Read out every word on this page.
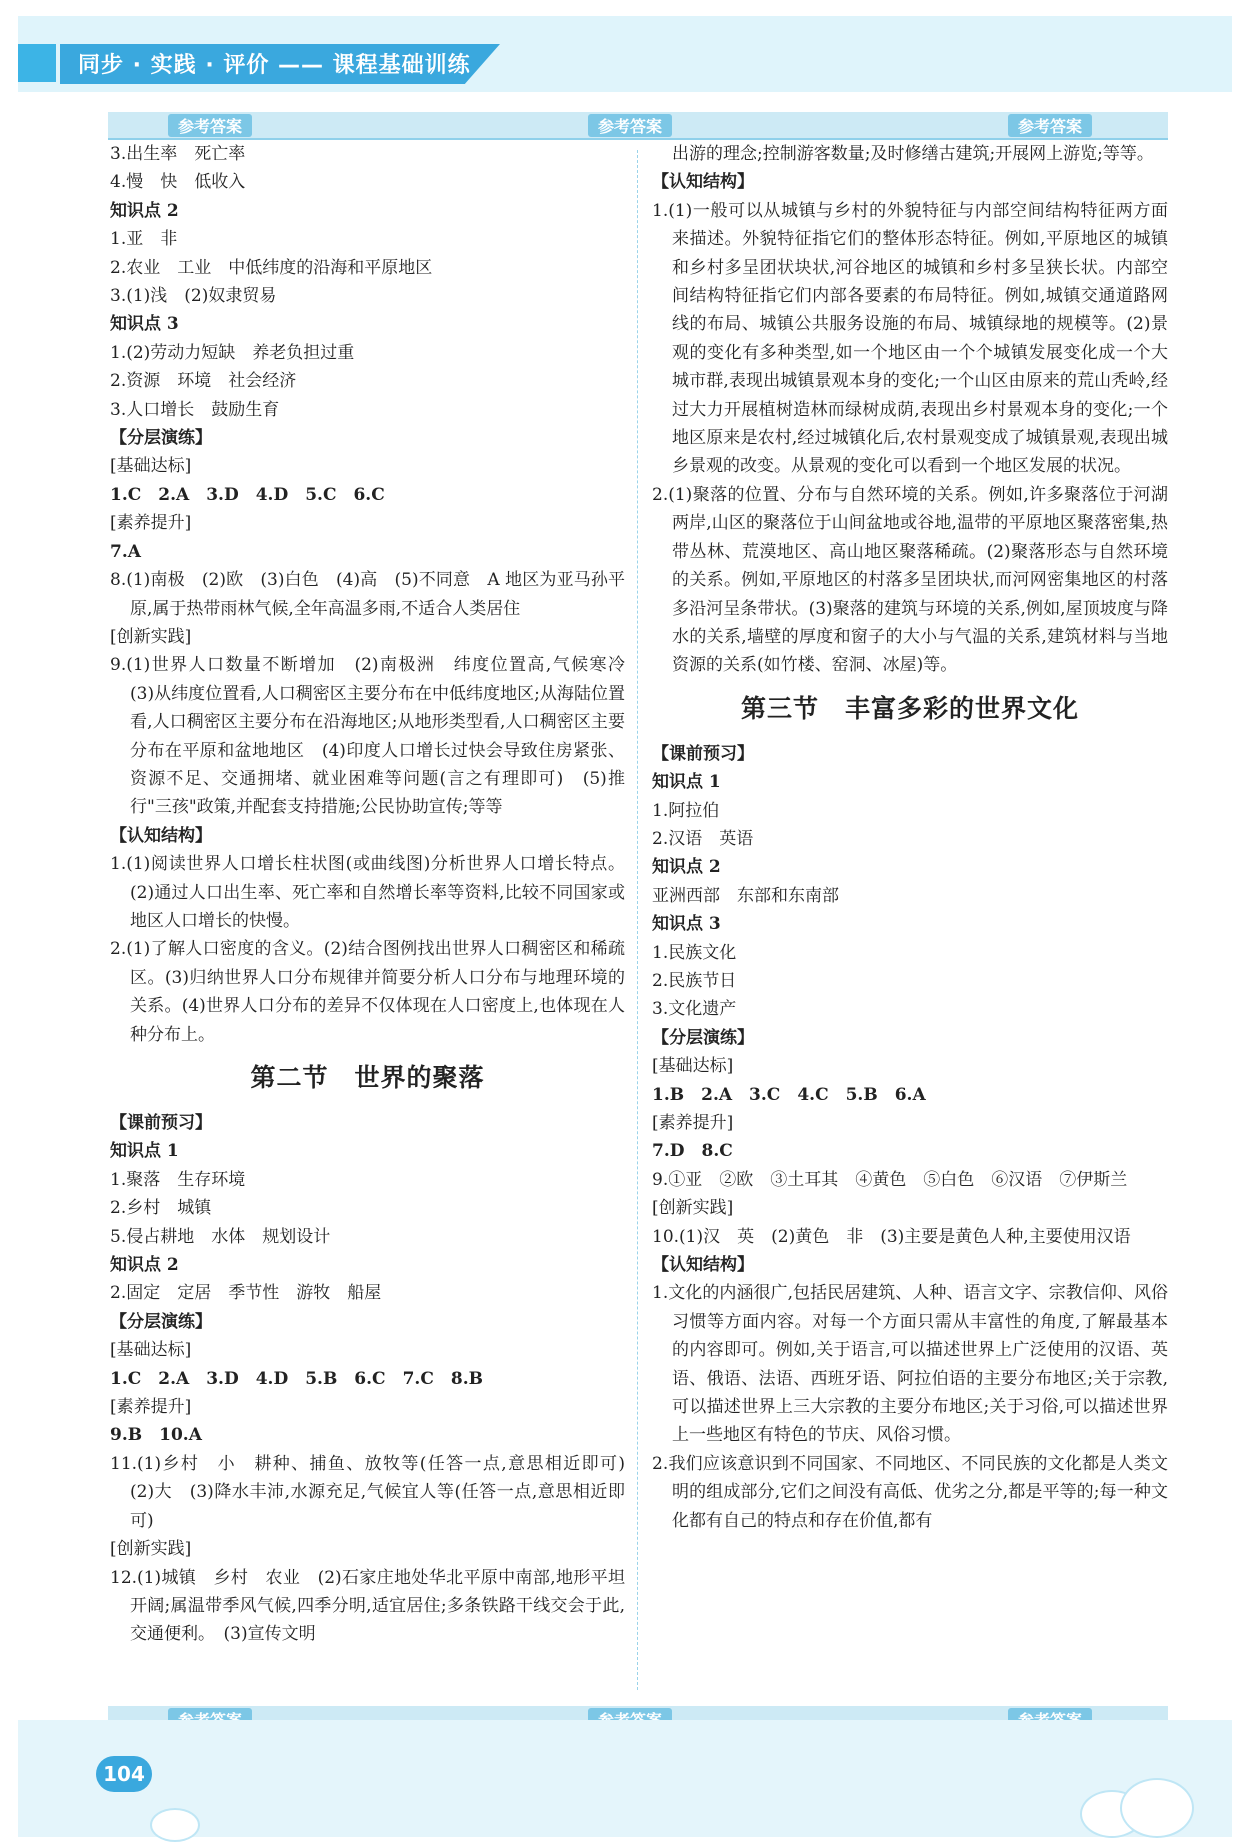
同步 · 实践 · 评价 —— 课程基础训练
参考答案	参考答案	参考答案
3.出生率　死亡率
4.慢　快　低收入
知识点 2
1.亚　非
2.农业　工业　中低纬度的沿海和平原地区
3.(1)浅　(2)奴隶贸易
知识点 3
1.(2)劳动力短缺　养老负担过重
2.资源　环境　社会经济
3.人口增长　鼓励生育
【分层演练】
[基础达标]
1.C　2.A　3.D　4.D　5.C　6.C
[素养提升]
7.A
8.(1)南极　(2)欧　(3)白色　(4)高　(5)不同意　A 地区为亚马孙平原,属于热带雨林气候,全年高温多雨,不适合人类居住
[创新实践]
9.(1)世界人口数量不断增加　(2)南极洲　纬度位置高,气候寒冷　(3)从纬度位置看,人口稠密区主要分布在中低纬度地区;从海陆位置看,人口稠密区主要分布在沿海地区;从地形类型看,人口稠密区主要分布在平原和盆地地区　(4)印度人口增长过快会导致住房紧张、资源不足、交通拥堵、就业困难等问题(言之有理即可)　(5)推行"三孩"政策,并配套支持措施;公民协助宣传;等等
【认知结构】
1.(1)阅读世界人口增长柱状图(或曲线图)分析世界人口增长特点。(2)通过人口出生率、死亡率和自然增长率等资料,比较不同国家或地区人口增长的快慢。
2.(1)了解人口密度的含义。(2)结合图例找出世界人口稠密区和稀疏区。(3)归纳世界人口分布规律并简要分析人口分布与地理环境的关系。(4)世界人口分布的差异不仅体现在人口密度上,也体现在人种分布上。
第二节　世界的聚落
【课前预习】
知识点 1
1.聚落　生存环境
2.乡村　城镇
5.侵占耕地　水体　规划设计
知识点 2
2.固定　定居　季节性　游牧　船屋
【分层演练】
[基础达标]
1.C　2.A　3.D　4.D　5.B　6.C　7.C　8.B
[素养提升]
9.B　10.A
11.(1)乡村　小　耕种、捕鱼、放牧等(任答一点,意思相近即可)　(2)大　(3)降水丰沛,水源充足,气候宜人等(任答一点,意思相近即可)
[创新实践]
12.(1)城镇　乡村　农业　(2)石家庄地处华北平原中南部,地形平坦开阔;属温带季风气候,四季分明,适宜居住;多条铁路干线交会于此,交通便利。　(3)宣传文明
出游的理念;控制游客数量;及时修缮古建筑;开展网上游览;等等。
【认知结构】
1.(1)一般可以从城镇与乡村的外貌特征与内部空间结构特征两方面来描述。外貌特征指它们的整体形态特征。例如,平原地区的城镇和乡村多呈团状块状,河谷地区的城镇和乡村多呈狭长状。内部空间结构特征指它们内部各要素的布局特征。例如,城镇交通道路网线的布局、城镇公共服务设施的布局、城镇绿地的规模等。(2)景观的变化有多种类型,如一个地区由一个个城镇发展变化成一个大城市群,表现出城镇景观本身的变化;一个山区由原来的荒山秃岭,经过大力开展植树造林而绿树成荫,表现出乡村景观本身的变化;一个地区原来是农村,经过城镇化后,农村景观变成了城镇景观,表现出城乡景观的改变。从景观的变化可以看到一个地区发展的状况。
2.(1)聚落的位置、分布与自然环境的关系。例如,许多聚落位于河湖两岸,山区的聚落位于山间盆地或谷地,温带的平原地区聚落密集,热带丛林、荒漠地区、高山地区聚落稀疏。(2)聚落形态与自然环境的关系。例如,平原地区的村落多呈团块状,而河网密集地区的村落多沿河呈条带状。(3)聚落的建筑与环境的关系,例如,屋顶坡度与降水的关系,墙壁的厚度和窗子的大小与气温的关系,建筑材料与当地资源的关系(如竹楼、窑洞、冰屋)等。
第三节　丰富多彩的世界文化
【课前预习】
知识点 1
1.阿拉伯
2.汉语　英语
知识点 2
亚洲西部　东部和东南部
知识点 3
1.民族文化
2.民族节日
3.文化遗产
【分层演练】
[基础达标]
1.B　2.A　3.C　4.C　5.B　6.A
[素养提升]
7.D　8.C
9.①亚　②欧　③土耳其　④黄色　⑤白色　⑥汉语　⑦伊斯兰
[创新实践]
10.(1)汉　英　(2)黄色　非　(3)主要是黄色人种,主要使用汉语
【认知结构】
1.文化的内涵很广,包括民居建筑、人种、语言文字、宗教信仰、风俗习惯等方面内容。对每一个方面只需从丰富性的角度,了解最基本的内容即可。例如,关于语言,可以描述世界上广泛使用的汉语、英语、俄语、法语、西班牙语、阿拉伯语的主要分布地区;关于宗教,可以描述世界上三大宗教的主要分布地区;关于习俗,可以描述世界上一些地区有特色的节庆、风俗习惯。
2.我们应该意识到不同国家、不同地区、不同民族的文化都是人类文明的组成部分,它们之间没有高低、优劣之分,都是平等的;每一种文化都有自己的特点和存在价值,都有
104
